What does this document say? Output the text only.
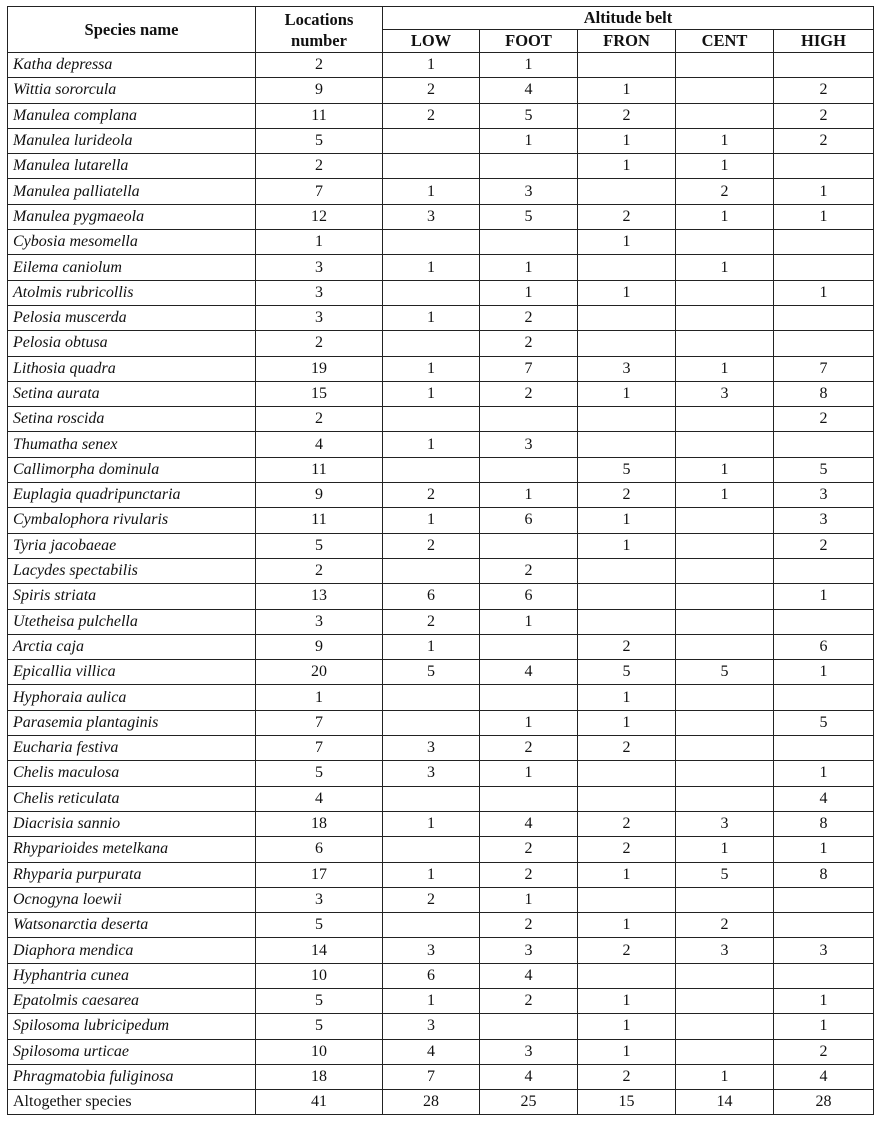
Species name	Locations
number	Altitude belt				
		LOW	FOOT	FRON	CENT	HIGH
Katha depressa	2	1	1			
Wittia sororcula	9	2	4	1		2
Manulea complana	11	2	5	2		2
Manulea lurideola	5		1	1	1	2
Manulea lutarella	2			1	1	
Manulea palliatella	7	1	3		2	1
Manulea pygmaeola	12	3	5	2	1	1
Cybosia mesomella	1			1		
Eilema caniolum	3	1	1		1	
Atolmis rubricollis	3		1	1		1
Pelosia muscerda	3	1	2			
Pelosia obtusa	2		2			
Lithosia quadra	19	1	7	3	1	7
Setina aurata	15	1	2	1	3	8
Setina roscida	2					2
Thumatha senex	4	1	3			
Callimorpha dominula	11			5	1	5
Euplagia quadripunctaria	9	2	1	2	1	3
Cymbalophora rivularis	11	1	6	1		3
Tyria jacobaeae	5	2		1		2
Lacydes spectabilis	2		2			
Spiris striata	13	6	6			1
Utetheisa pulchella	3	2	1			
Arctia caja	9	1		2		6
Epicallia villica	20	5	4	5	5	1
Hyphoraia aulica	1			1		
Parasemia plantaginis	7		1	1		5
Eucharia festiva	7	3	2	2		
Chelis maculosa	5	3	1			1
Chelis reticulata	4					4
Diacrisia sannio	18	1	4	2	3	8
Rhyparioides metelkana	6		2	2	1	1
Rhyparia purpurata	17	1	2	1	5	8
Ocnogyna loewii	3	2	1			
Watsonarctia deserta	5		2	1	2	
Diaphora mendica	14	3	3	2	3	3
Hyphantria cunea	10	6	4			
Epatolmis caesarea	5	1	2	1		1
Spilosoma lubricipedum	5	3		1		1
Spilosoma urticae	10	4	3	1		2
Phragmatobia fuliginosa	18	7	4	2	1	4
Altogether species	41	28	25	15	14	28
